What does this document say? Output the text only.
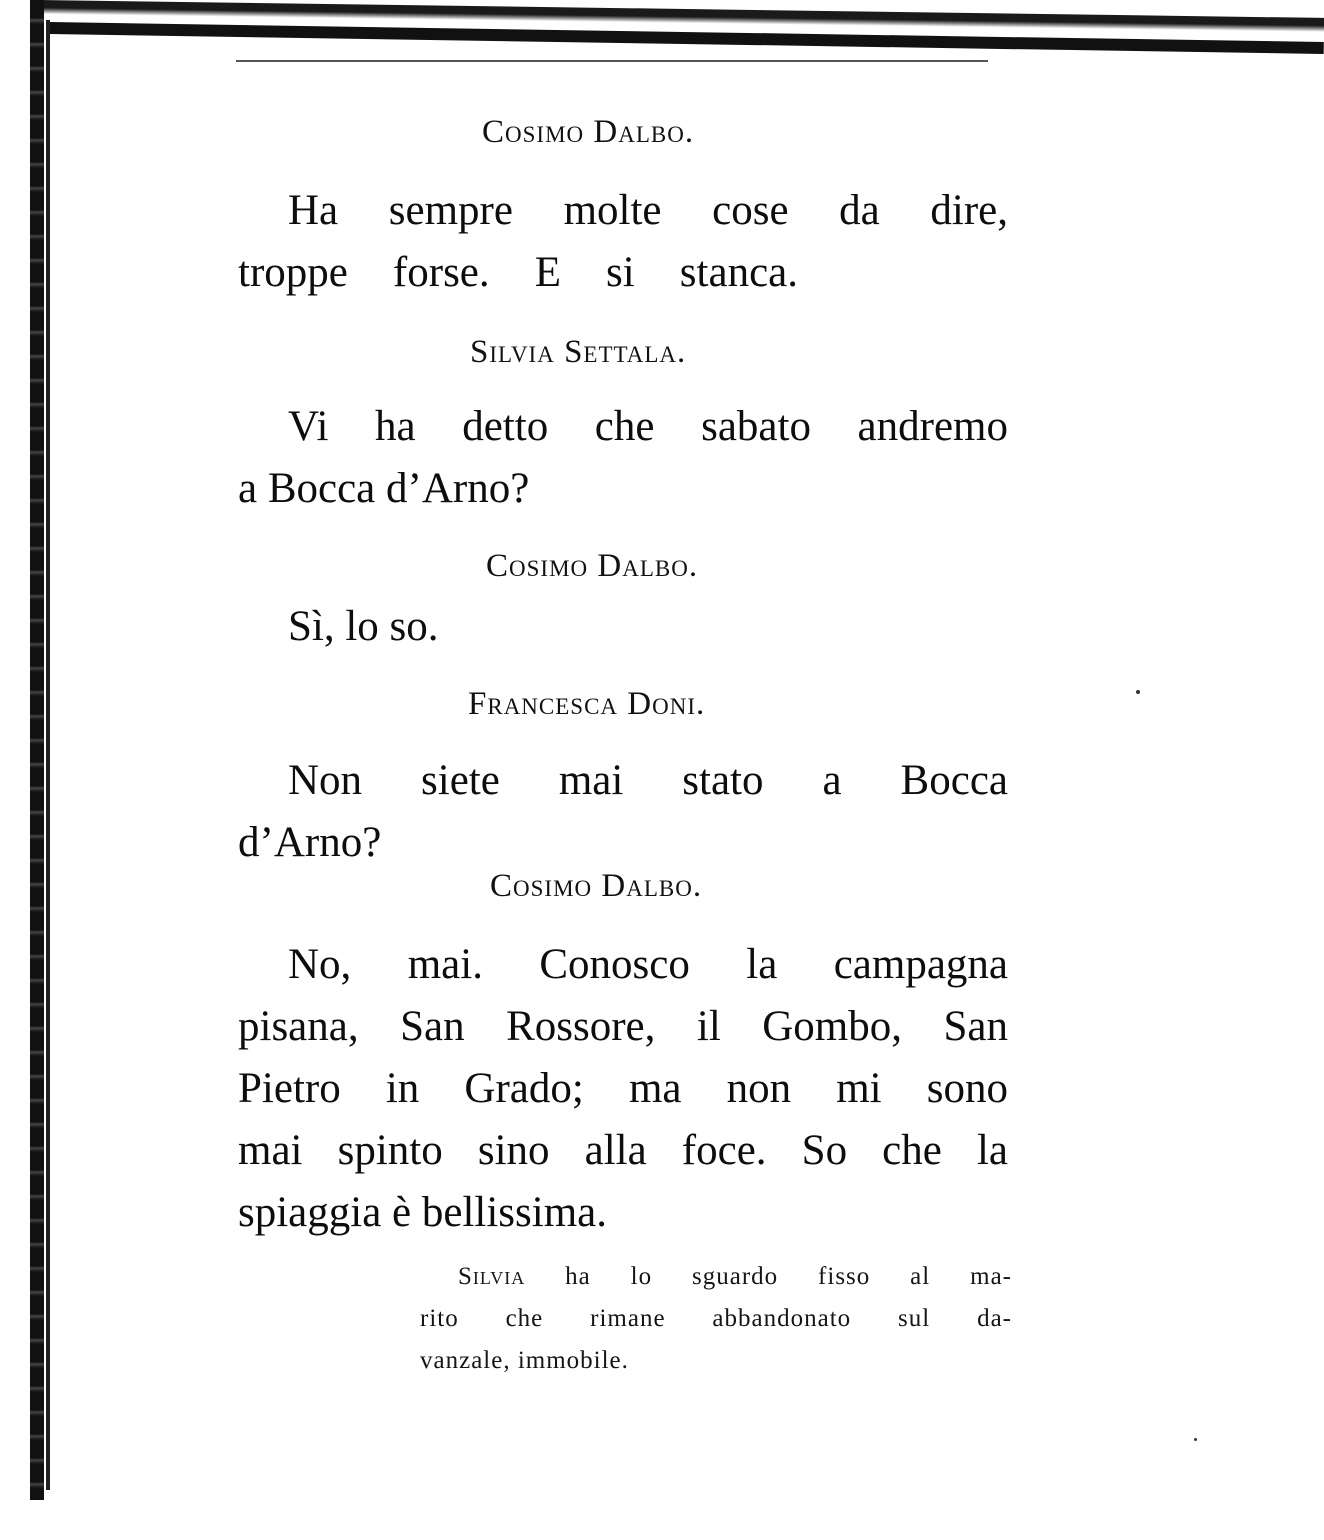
Cosimo Dalbo.
Ha sempre molte cose da dire,
troppe forse. E si stanca.
Silvia Settala.
Vi ha detto che sabato andremo
a Bocca d’Arno?
Cosimo Dalbo.
Sì, lo so.
Francesca Doni.
Non siete mai stato a Bocca
d’Arno?
Cosimo Dalbo.
No, mai. Conosco la campagna
pisana, San Rossore, il Gombo, San
Pietro in Grado; ma non mi sono
mai spinto sino alla foce. So che la
spiaggia è bellissima.
Silvia ha lo sguardo fisso al ma-
rito che rimane abbandonato sul da-
vanzale, immobile.
